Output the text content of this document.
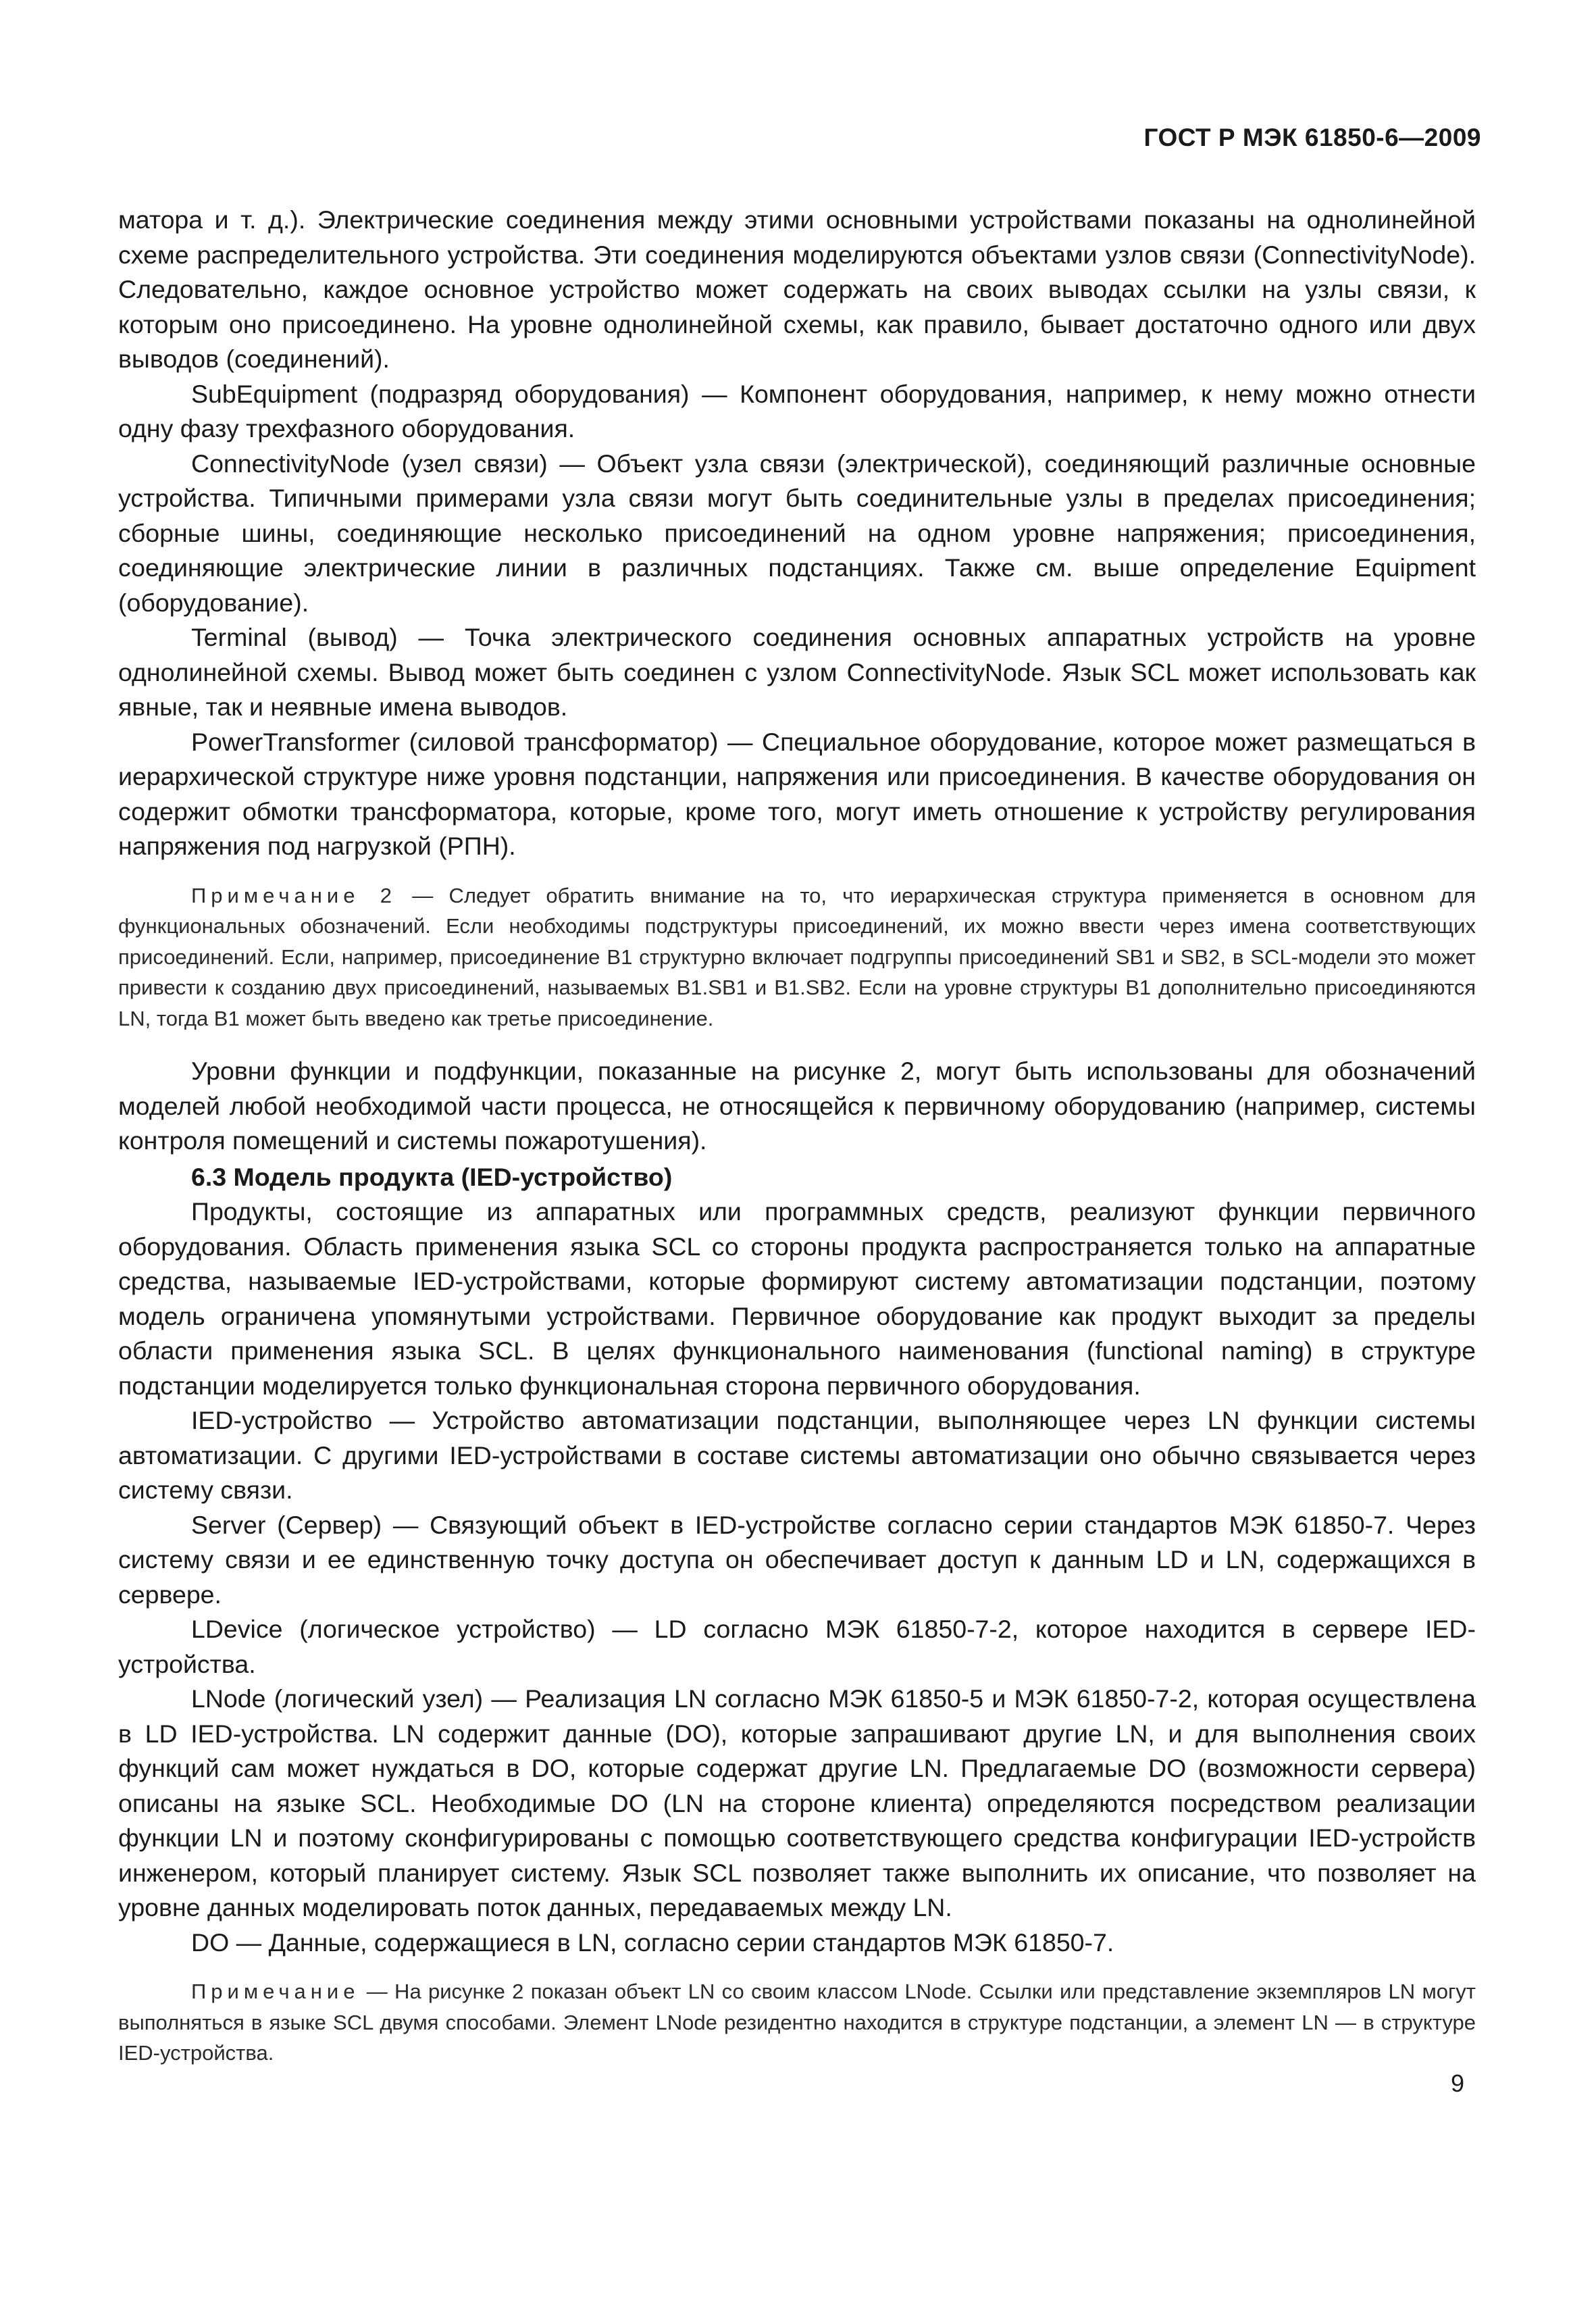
ГОСТ Р МЭК 61850-6—2009

матора и т. д.). Электрические соединения между этими основными устройствами показаны на однолинейной схеме распределительного устройства. Эти соединения моделируются объектами узлов связи (ConnectivityNode). Следовательно, каждое основное устройство может содержать на своих выводах ссылки на узлы связи, к которым оно присоединено. На уровне однолинейной схемы, как правило, бывает достаточно одного или двух выводов (соединений).

SubEquipment (подразряд оборудования) — Компонент оборудования, например, к нему можно отнести одну фазу трехфазного оборудования.

ConnectivityNode (узел связи) — Объект узла связи (электрической), соединяющий различные основные устройства. Типичными примерами узла связи могут быть соединительные узлы в пределах присоединения; сборные шины, соединяющие несколько присоединений на одном уровне напряжения; присоединения, соединяющие электрические линии в различных подстанциях. Также см. выше определение Equipment (оборудование).

Terminal (вывод) — Точка электрического соединения основных аппаратных устройств на уровне однолинейной схемы. Вывод может быть соединен с узлом ConnectivityNode. Язык SCL может использовать как явные, так и неявные имена выводов.

PowerTransformer (силовой трансформатор) — Специальное оборудование, которое может размещаться в иерархической структуре ниже уровня подстанции, напряжения или присоединения. В качестве оборудования он содержит обмотки трансформатора, которые, кроме того, могут иметь отношение к устройству регулирования напряжения под нагрузкой (РПН).

Примечание 2 — Следует обратить внимание на то, что иерархическая структура применяется в основном для функциональных обозначений. Если необходимы подструктуры присоединений, их можно ввести через имена соответствующих присоединений. Если, например, присоединение B1 структурно включает подгруппы присоединений SB1 и SB2, в SCL-модели это может привести к созданию двух присоединений, называемых B1.SB1 и B1.SB2. Если на уровне структуры B1 дополнительно присоединяются LN, тогда B1 может быть введено как третье присоединение.

Уровни функции и подфункции, показанные на рисунке 2, могут быть использованы для обозначений моделей любой необходимой части процесса, не относящейся к первичному оборудованию (например, системы контроля помещений и системы пожаротушения).

6.3 Модель продукта (IED-устройство)

Продукты, состоящие из аппаратных или программных средств, реализуют функции первичного оборудования. Область применения языка SCL со стороны продукта распространяется только на аппаратные средства, называемые IED-устройствами, которые формируют систему автоматизации подстанции, поэтому модель ограничена упомянутыми устройствами. Первичное оборудование как продукт выходит за пределы области применения языка SCL. В целях функционального наименования (functional naming) в структуре подстанции моделируется только функциональная сторона первичного оборудования.

IED-устройство — Устройство автоматизации подстанции, выполняющее через LN функции системы автоматизации. С другими IED-устройствами в составе системы автоматизации оно обычно связывается через систему связи.

Server (Сервер) — Связующий объект в IED-устройстве согласно серии стандартов МЭК 61850-7. Через систему связи и ее единственную точку доступа он обеспечивает доступ к данным LD и LN, содержащихся в сервере.

LDevice (логическое устройство) — LD согласно МЭК 61850-7-2, которое находится в сервере IED-устройства.

LNode (логический узел) — Реализация LN согласно МЭК 61850-5 и МЭК 61850-7-2, которая осуществлена в LD IED-устройства. LN содержит данные (DO), которые запрашивают другие LN, и для выполнения своих функций сам может нуждаться в DO, которые содержат другие LN. Предлагаемые DO (возможности сервера) описаны на языке SCL. Необходимые DO (LN на стороне клиента) определяются посредством реализации функции LN и поэтому сконфигурированы с помощью соответствующего средства конфигурации IED-устройств инженером, который планирует систему. Язык SCL позволяет также выполнить их описание, что позволяет на уровне данных моделировать поток данных, передаваемых между LN.

DO — Данные, содержащиеся в LN, согласно серии стандартов МЭК 61850-7.

Примечание — На рисунке 2 показан объект LN со своим классом LNode. Ссылки или представление экземпляров LN могут выполняться в языке SCL двумя способами. Элемент LNode резидентно находится в структуре подстанции, а элемент LN — в структуре IED-устройства.
9
